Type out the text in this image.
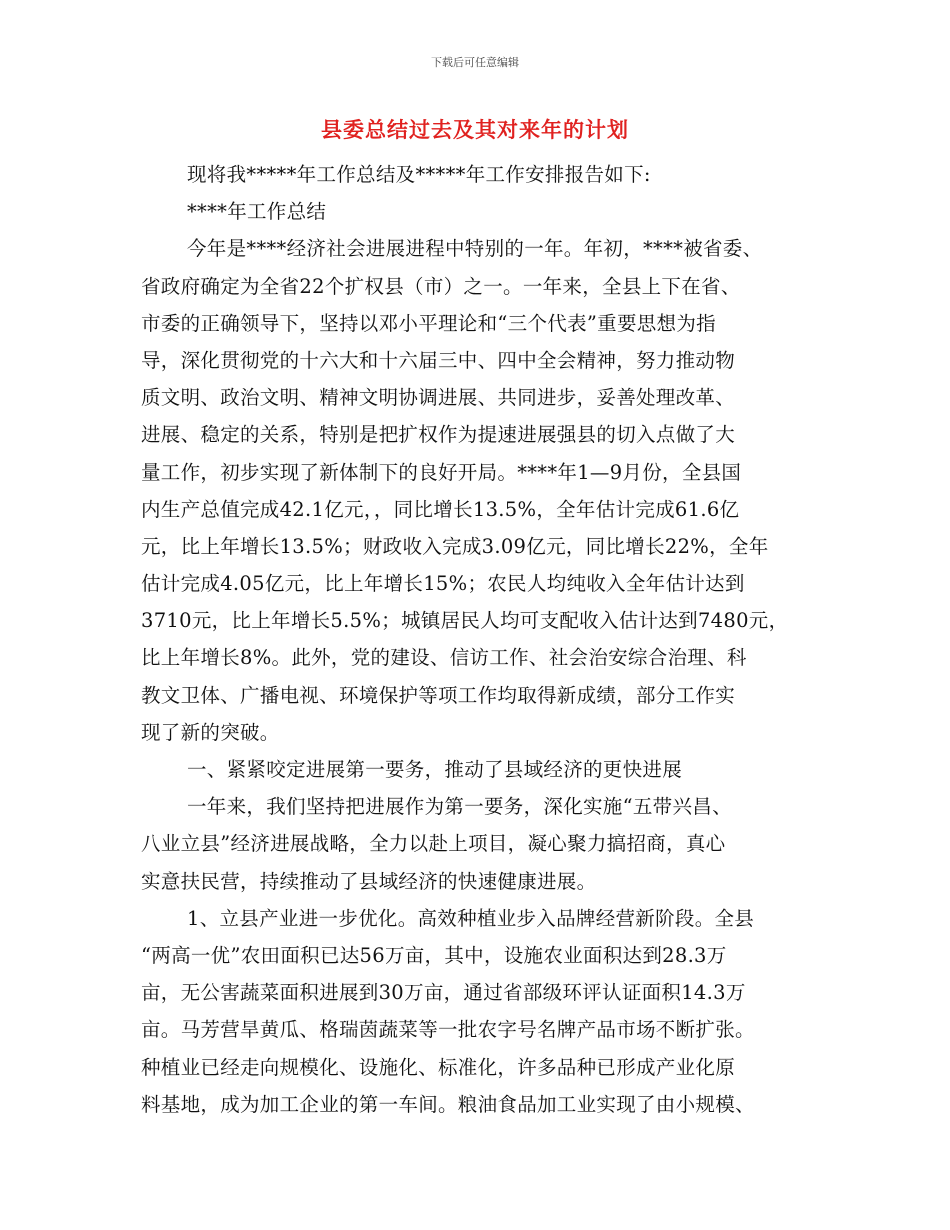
下载后可任意编辑
县委总结过去及其对来年的计划
现将我*****年工作总结及*****年工作安排报告如下:
****年工作总结
今年是****经济社会进展进程中特别的一年。年初，****被省委、
省政府确定为全省22个扩权县（市）之一。一年来，全县上下在省、
市委的正确领导下，坚持以邓小平理论和“三个代表”重要思想为指
导，深化贯彻党的十六大和十六届三中、四中全会精神，努力推动物
质文明、政治文明、精神文明协调进展、共同进步，妥善处理改革、
进展、稳定的关系，特别是把扩权作为提速进展强县的切入点做了大
量工作，初步实现了新体制下的良好开局。****年1—9月份，全县国
内生产总值完成42.1亿元，，同比增长13.5%，全年估计完成61.6亿
元，比上年增长13.5%；财政收入完成3.09亿元，同比增长22%，全年
估计完成4.05亿元，比上年增长15%；农民人均纯收入全年估计达到
3710元，比上年增长5.5%；城镇居民人均可支配收入估计达到7480元，
比上年增长8%。此外，党的建设、信访工作、社会治安综合治理、科
教文卫体、广播电视、环境保护等项工作均取得新成绩，部分工作实
现了新的突破。
一、紧紧咬定进展第一要务，推动了县域经济的更快进展
一年来，我们坚持把进展作为第一要务，深化实施“五带兴昌、
八业立县”经济进展战略，全力以赴上项目，凝心聚力搞招商，真心
实意扶民营，持续推动了县域经济的快速健康进展。
1、立县产业进一步优化。高效种植业步入品牌经营新阶段。全县
“两高一优”农田面积已达56万亩，其中，设施农业面积达到28.3万
亩，无公害蔬菜面积进展到30万亩，通过省部级环评认证面积14.3万
亩。马芳营旱黄瓜、格瑞茵蔬菜等一批农字号名牌产品市场不断扩张。
种植业已经走向规模化、设施化、标准化，许多品种已形成产业化原
料基地，成为加工企业的第一车间。粮油食品加工业实现了由小规模、
